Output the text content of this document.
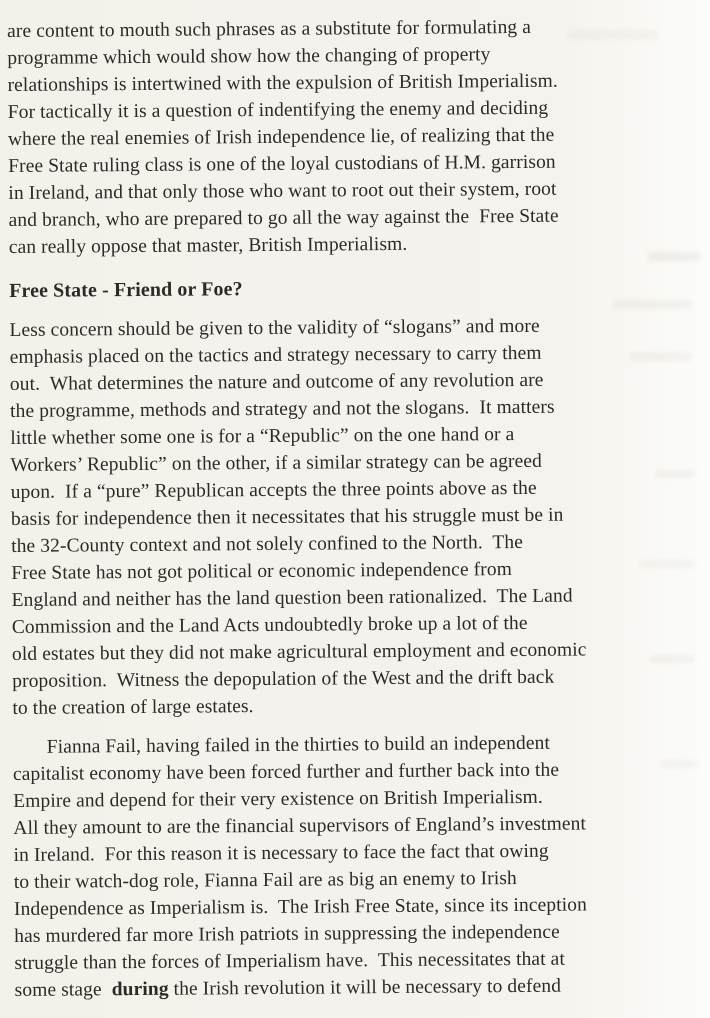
are content to mouth such phrases as a substitute for formulating a
programme which would show how the changing of property
relationships is intertwined with the expulsion of British Imperialism.
For tactically it is a question of indentifying the enemy and deciding
where the real enemies of Irish independence lie, of realizing that the
Free State ruling class is one of the loyal custodians of H.M. garrison
in Ireland, and that only those who want to root out their system, root
and branch, who are prepared to go all the way against the  Free State
can really oppose that master, British Imperialism.

Free State - Friend or Foe?

Less concern should be given to the validity of “slogans” and more
emphasis placed on the tactics and strategy necessary to carry them
out.  What determines the nature and outcome of any revolution are
the programme, methods and strategy and not the slogans.  It matters
little whether some one is for a “Republic” on the one hand or a
Workers’ Republic” on the other, if a similar strategy can be agreed
upon.  If a “pure” Republican accepts the three points above as the
basis for independence then it necessitates that his struggle must be in
the 32-County context and not solely confined to the North.  The
Free State has not got political or economic independence from
England and neither has the land question been rationalized.  The Land
Commission and the Land Acts undoubtedly broke up a lot of the
old estates but they did not make agricultural employment and economic
proposition.  Witness the depopulation of the West and the drift back
to the creation of large estates.

Fianna Fail, having failed in the thirties to build an independent
capitalist economy have been forced further and further back into the
Empire and depend for their very existence on British Imperialism.
All they amount to are the financial supervisors of England’s investment
in Ireland.  For this reason it is necessary to face the fact that owing
to their watch-dog role, Fianna Fail are as big an enemy to Irish
Independence as Imperialism is.  The Irish Free State, since its inception
has murdered far more Irish patriots in suppressing the independence
struggle than the forces of Imperialism have.  This necessitates that at
some stage  during the Irish revolution it will be necessary to defend
